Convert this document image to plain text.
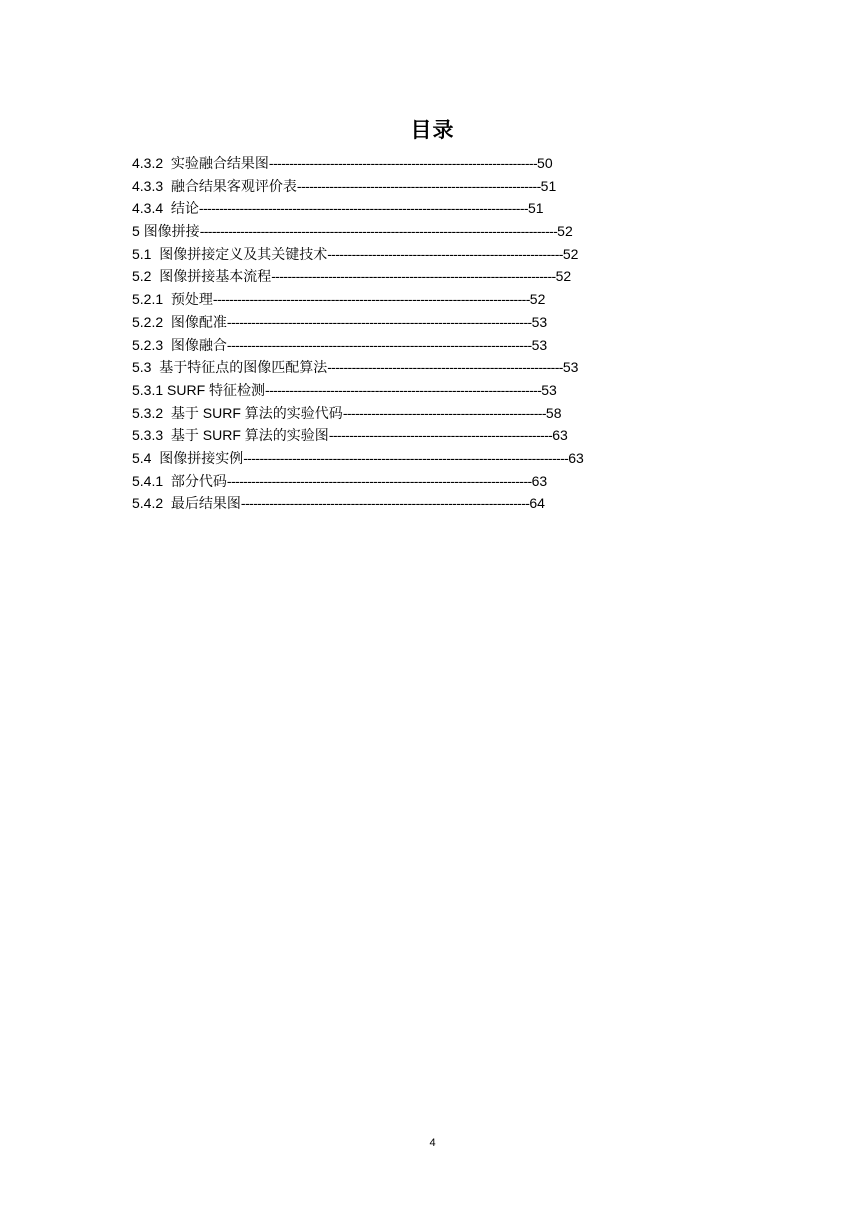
目录
4.3.2 实验融合结果图------------------------------------------------------------------50
4.3.3 融合结果客观评价表------------------------------------------------------------51
4.3.4 结论---------------------------------------------------------------------------------51
5 图像拼接----------------------------------------------------------------------------------------52
5.1 图像拼接定义及其关键技术----------------------------------------------------------52
5.2 图像拼接基本流程----------------------------------------------------------------------52
5.2.1 预处理------------------------------------------------------------------------------52
5.2.2 图像配准---------------------------------------------------------------------------53
5.2.3 图像融合---------------------------------------------------------------------------53
5.3 基于特征点的图像匹配算法----------------------------------------------------------53
5.3.1 SURF 特征检测--------------------------------------------------------------------53
5.3.2 基于 SURF 算法的实验代码--------------------------------------------------58
5.3.3 基于 SURF 算法的实验图-------------------------------------------------------63
5.4 图像拼接实例--------------------------------------------------------------------------------63
5.4.1 部分代码---------------------------------------------------------------------------63
5.4.2 最后结果图-----------------------------------------------------------------------64
4
